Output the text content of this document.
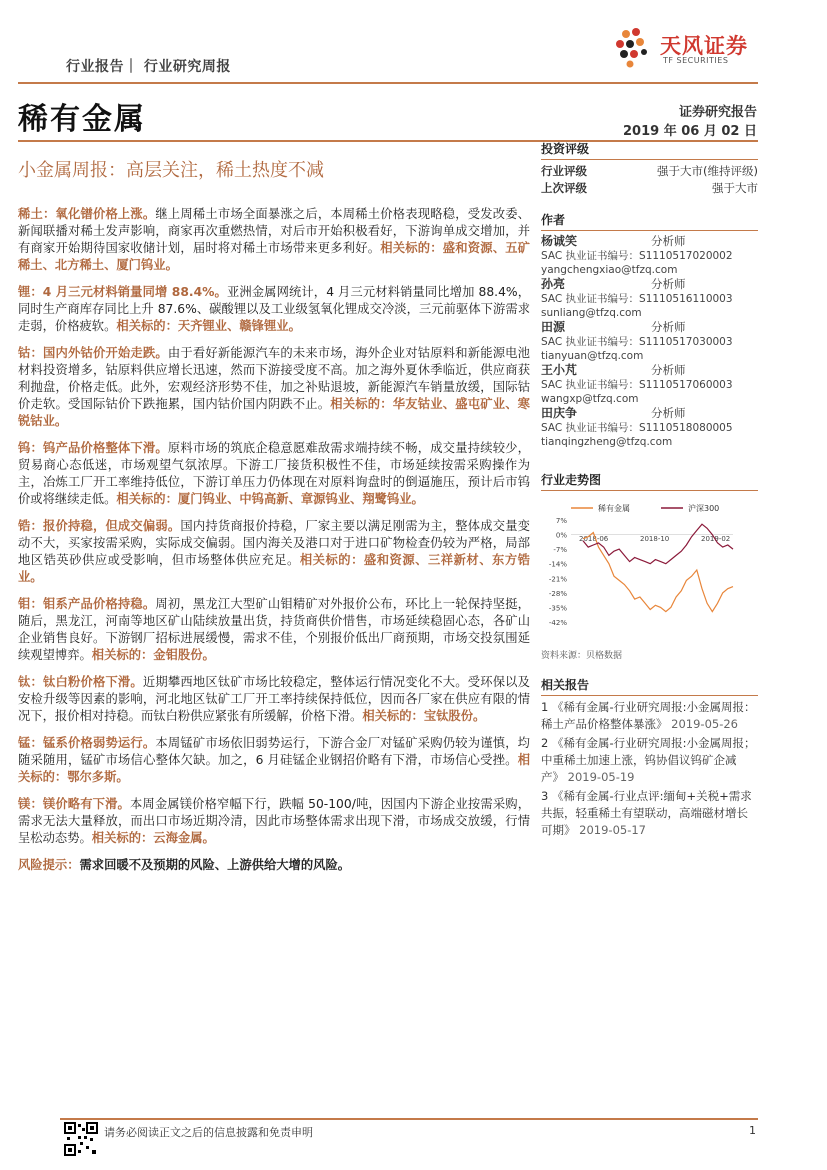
行业报告｜ 行业研究周报
天风证券
TF SECURITIES
稀有金属	证券研究报告
2019 年 06 月 02 日
小金属周报：高层关注，稀土热度不减

稀土：氧化镨价格上涨。继上周稀土市场全面暴涨之后，本周稀土价格表现略稳，受发改委、新闻联播对稀土发声影响，商家再次重燃热情，对后市开始积极看好，下游询单成交增加，并有商家开始期待国家收储计划，届时将对稀土市场带来更多利好。相关标的：盛和资源、五矿稀土、北方稀土、厦门钨业。

锂：4 月三元材料销量同增 88.4%。亚洲金属网统计，4 月三元材料销量同比增加 88.4%，同时生产商库存同比上升 87.6%、碳酸锂以及工业级氢氧化锂成交冷淡，三元前驱体下游需求走弱，价格疲软。相关标的：天齐锂业、赣锋锂业。

钴：国内外钴价开始走跌。由于看好新能源汽车的未来市场，海外企业对钴原料和新能源电池材料投资增多，钴原料供应增长迅速，然而下游接受度不高。加之海外夏休季临近，供应商获利抛盘，价格走低。此外，宏观经济形势不佳，加之补贴退坡，新能源汽车销量放缓，国际钴价走软。受国际钴价下跌拖累，国内钴价国内阴跌不止。相关标的：华友钴业、盛屯矿业、寒锐钴业。

钨：钨产品价格整体下滑。原料市场的筑底企稳意愿难敌需求端持续不畅，成交量持续较少，贸易商心态低迷，市场观望气氛浓厚。下游工厂接货积极性不佳，市场延续按需采购操作为主，冶炼工厂开工率维持低位，下游订单压力仍体现在对原料询盘时的倒逼施压，预计后市钨价或将继续走低。相关标的：厦门钨业、中钨高新、章源钨业、翔鹭钨业。

锆：报价持稳，但成交偏弱。国内持货商报价持稳，厂家主要以满足刚需为主，整体成交量变动不大，买家按需采购，实际成交偏弱。国内海关及港口对于进口矿物检查仍较为严格，局部地区锆英砂供应或受影响，但市场整体供应充足。相关标的：盛和资源、三祥新材、东方锆业。

钼：钼系产品价格持稳。周初，黑龙江大型矿山钼精矿对外报价公布，环比上一轮保持坚挺，随后，黑龙江，河南等地区矿山陆续放量出货，持货商供价惜售，市场延续稳固心态，各矿山企业销售良好。下游钢厂招标进展缓慢，需求不佳，个别报价低出厂商预期，市场交投氛围延续观望博弈。相关标的：金钼股份。

钛：钛白粉价格下滑。近期攀西地区钛矿市场比较稳定，整体运行情况变化不大。受环保以及安检升级等因素的影响，河北地区钛矿工厂开工率持续保持低位，因而各厂家在供应有限的情况下，报价相对持稳。而钛白粉供应紧张有所缓解，价格下滑。相关标的：宝钛股份。

锰：锰系价格弱势运行。本周锰矿市场依旧弱势运行，下游合金厂对锰矿采购仍较为谨慎，均随采随用，锰矿市场信心整体欠缺。加之，6 月硅锰企业钢招价略有下滑，市场信心受挫。相关标的：鄂尔多斯。

镁：镁价略有下滑。本周金属镁价格窄幅下行，跌幅 50-100/吨，因国内下游企业按需采购，需求无法大量释放，而出口市场近期冷清，因此市场整体需求出现下滑，市场成交放缓，行情呈松动态势。相关标的：云海金属。

风险提示：需求回暖不及预期的风险、上游供给大增的风险。

投资评级
行业评级	强于大市(维持评级)
上次评级	强于大市
作者
杨诚笑	分析师
SAC 执业证书编号：S1110517020002
yangchengxiao@tfzq.com
孙亮	分析师
SAC 执业证书编号：S1110516110003
sunliang@tfzq.com
田源	分析师
SAC 执业证书编号：S1110517030003
tianyuan@tfzq.com
王小芃	分析师
SAC 执业证书编号：S1110517060003
wangxp@tfzq.com
田庆争	分析师
SAC 执业证书编号：S1110518080005
tianqingzheng@tfzq.com
行业走势图
7%
0%
-7%
-14%
-21%
-28%
-35%
-42%
2018-06	2018-10	2019-02
稀有金属	沪深300
资料来源：贝格数据
相关报告
1 《稀有金属-行业研究周报:小金属周报：稀土产品价格整体暴涨》 2019-05-26
2 《稀有金属-行业研究周报:小金属周报；中重稀土加速上涨，钨协倡议钨矿企减产》 2019-05-19
3 《稀有金属-行业点评:缅甸+关税+需求共振，轻重稀土有望联动，高端磁材增长可期》 2019-05-17
请务必阅读正文之后的信息披露和免责申明	1
